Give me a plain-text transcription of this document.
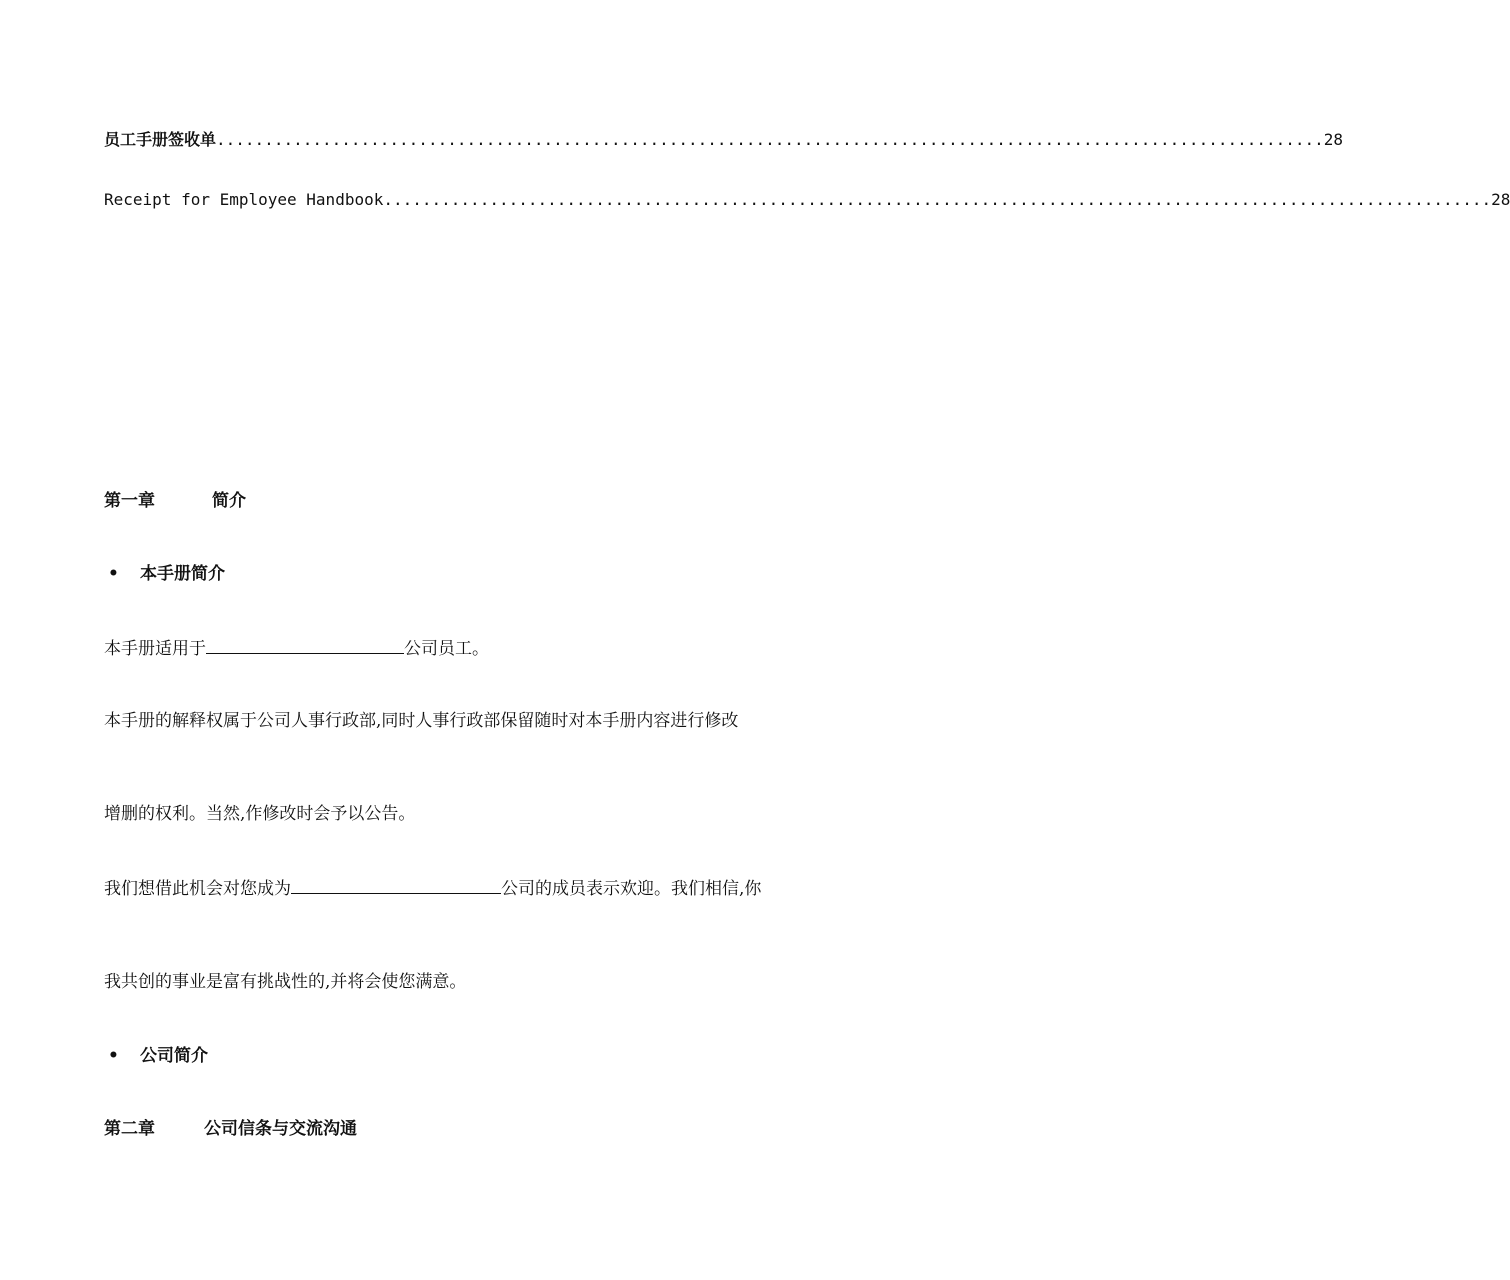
员工手册签收单 ................................................................................................................... 28
Receipt for Employee Handbook ................................................................................................................... 28
第一章	简介
• 本手册简介
本手册适用于	公司员工。
本手册的解释权属于公司人事行政部,同时人事行政部保留随时对本手册内容进行修改
增删的权利。当然,作修改时会予以公告。
我们想借此机会对您成为	公司的成员表示欢迎。我们相信,你
我共创的事业是富有挑战性的,并将会使您满意。
• 公司简介
第二章	公司信条与交流沟通
